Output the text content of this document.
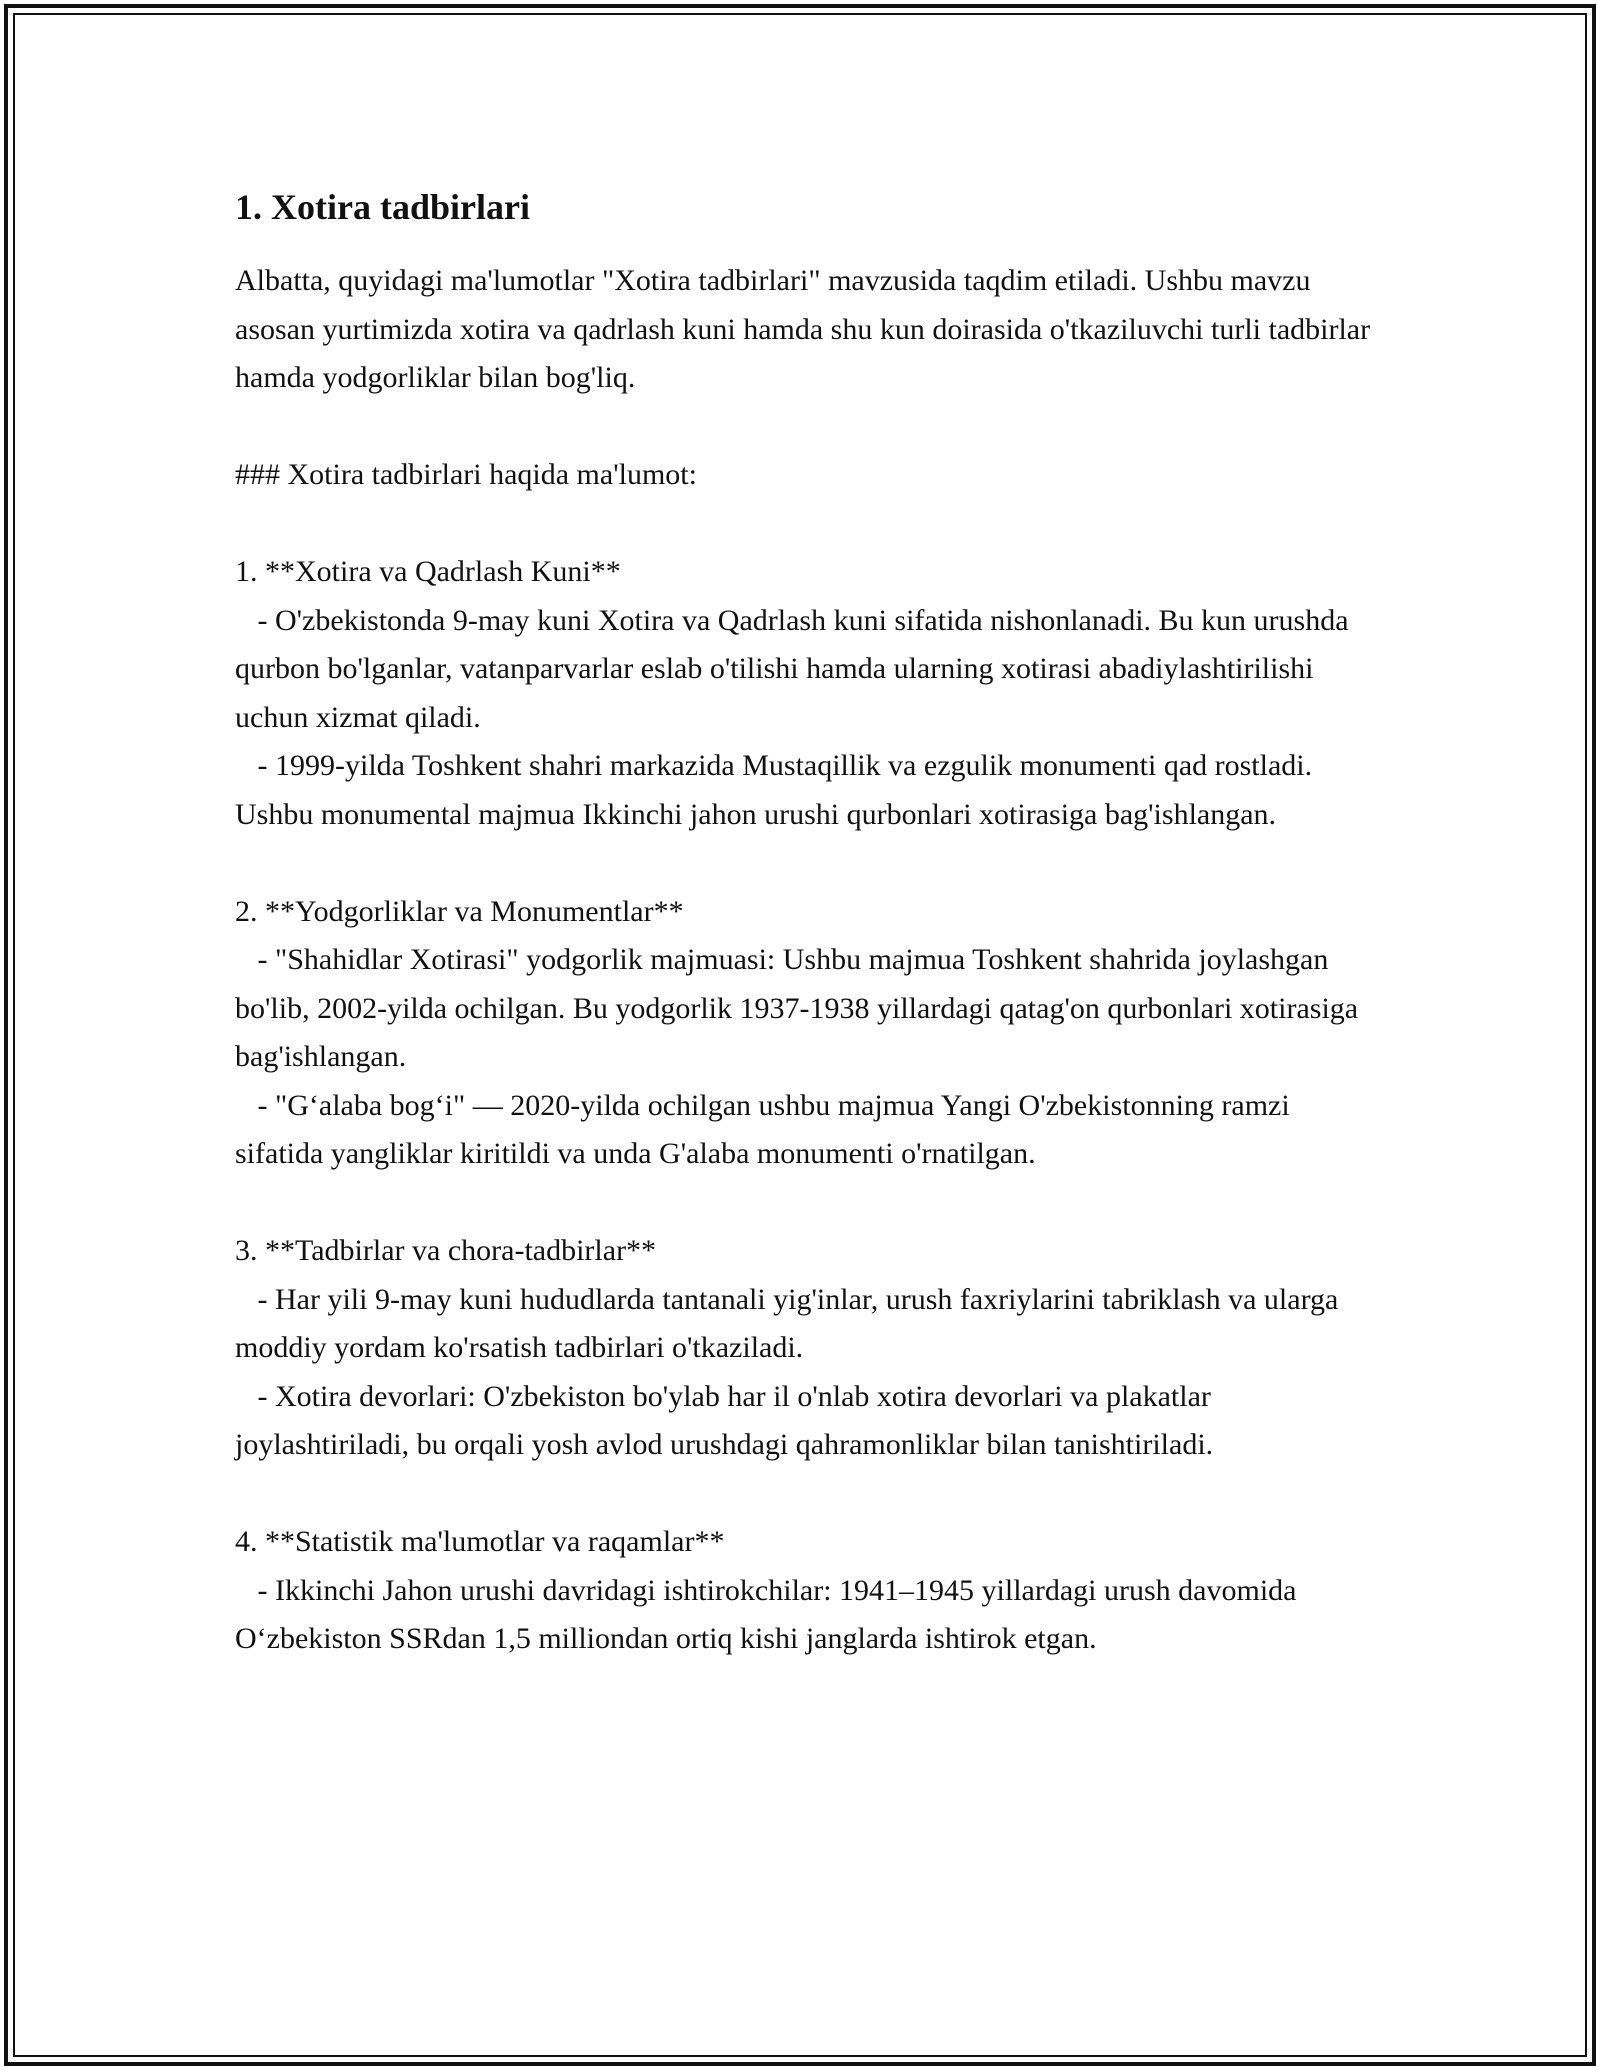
1. Xotira tadbirlari

Albatta, quyidagi ma'lumotlar "Xotira tadbirlari" mavzusida taqdim etiladi. Ushbu mavzu asosan yurtimizda xotira va qadrlash kuni hamda shu kun doirasida o'tkaziluvchi turli tadbirlar hamda yodgorliklar bilan bog'liq.

### Xotira tadbirlari haqida ma'lumot:

1. **Xotira va Qadrlash Kuni**

- O'zbekistonda 9-may kuni Xotira va Qadrlash kuni sifatida nishonlanadi. Bu kun urushda qurbon bo'lganlar, vatanparvarlar eslab o'tilishi hamda ularning xotirasi abadiylashtirilishi uchun xizmat qiladi.

- 1999-yilda Toshkent shahri markazida Mustaqillik va ezgulik monumenti qad rostladi. Ushbu monumental majmua Ikkinchi jahon urushi qurbonlari xotirasiga bag'ishlangan.

2. **Yodgorliklar va Monumentlar**

- "Shahidlar Xotirasi" yodgorlik majmuasi: Ushbu majmua Toshkent shahrida joylashgan bo'lib, 2002-yilda ochilgan. Bu yodgorlik 1937-1938 yillardagi qatag'on qurbonlari xotirasiga bag'ishlangan.

- "G‘alaba bog‘i" — 2020-yilda ochilgan ushbu majmua Yangi O'zbekistonning ramzi sifatida yangliklar kiritildi va unda G'alaba monumenti o'rnatilgan.

3. **Tadbirlar va chora-tadbirlar**

- Har yili 9-may kuni hududlarda tantanali yig'inlar, urush faxriylarini tabriklash va ularga moddiy yordam ko'rsatish tadbirlari o'tkaziladi.

- Xotira devorlari: O'zbekiston bo'ylab har il o'nlab xotira devorlari va plakatlar joylashtiriladi, bu orqali yosh avlod urushdagi qahramonliklar bilan tanishtiriladi.

4. **Statistik ma'lumotlar va raqamlar**

- Ikkinchi Jahon urushi davridagi ishtirokchilar: 1941–1945 yillardagi urush davomida O‘zbekiston SSRdan 1,5 milliondan ortiq kishi janglarda ishtirok etgan.
